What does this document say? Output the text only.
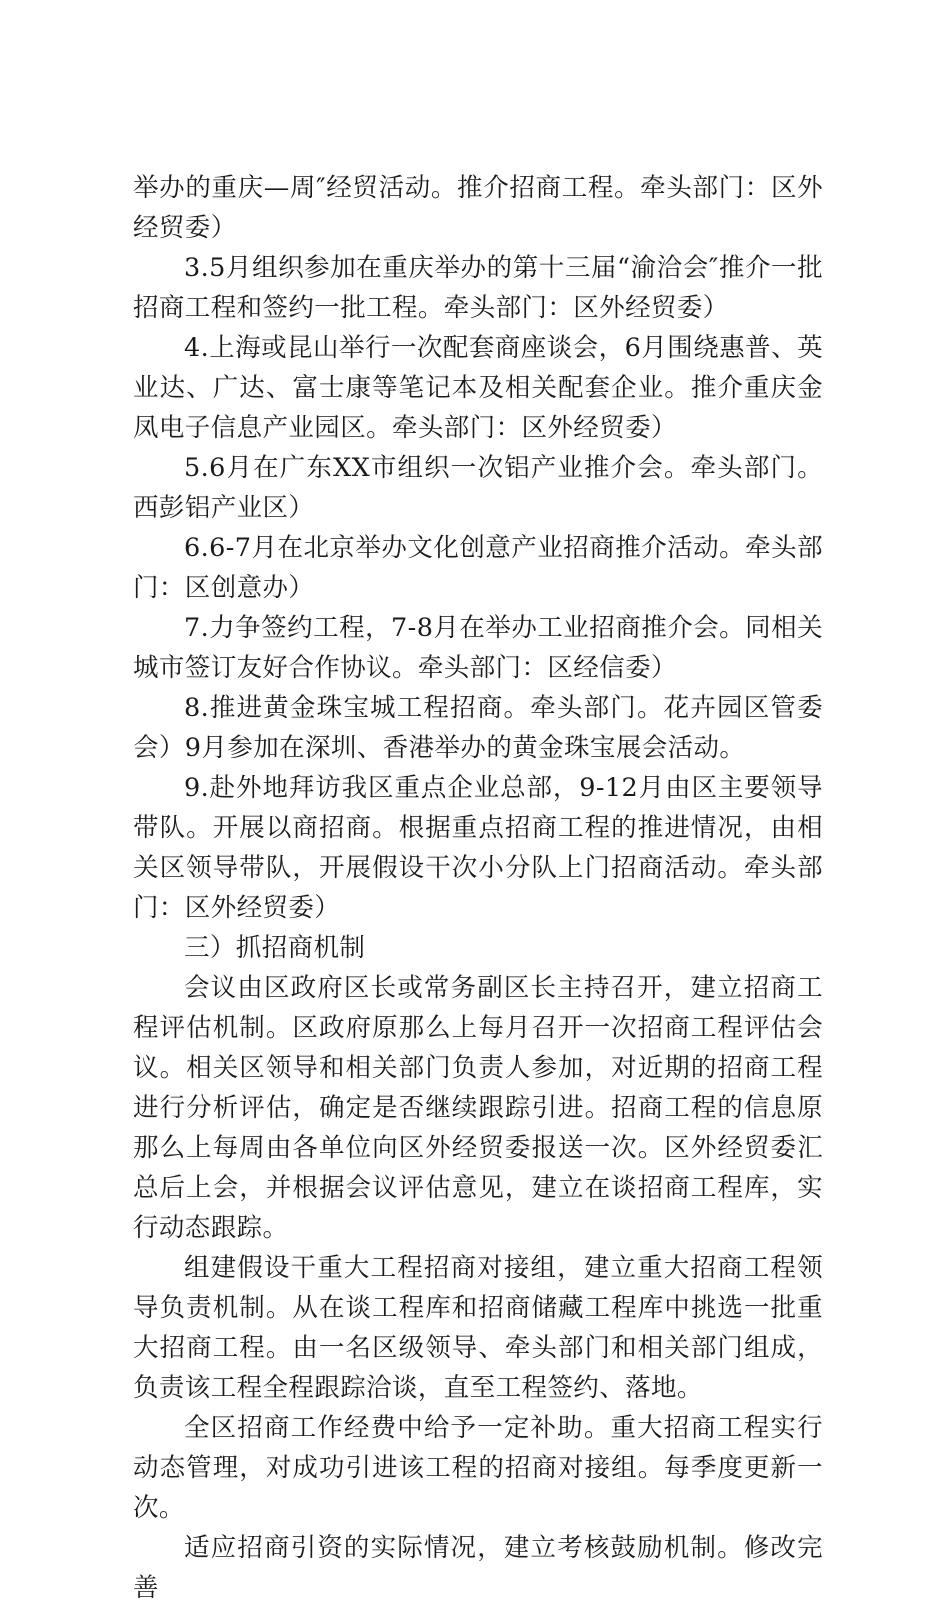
举办的重庆—周″经贸活动。推介招商工程。牵头部门：区外经贸委）

3.5月组织参加在重庆举办的第十三届“渝洽会″推介一批招商工程和签约一批工程。牵头部门：区外经贸委）

4.上海或昆山举行一次配套商座谈会，6月围绕惠普、英业达、广达、富士康等笔记本及相关配套企业。推介重庆金凤电子信息产业园区。牵头部门：区外经贸委）

5.6月在广东XX市组织一次铝产业推介会。牵头部门。西彭铝产业区）

6.6-7月在北京举办文化创意产业招商推介活动。牵头部门：区创意办）

7.力争签约工程，7-8月在举办工业招商推介会。同相关城市签订友好合作协议。牵头部门：区经信委）

8.推进黄金珠宝城工程招商。牵头部门。花卉园区管委会）9月参加在深圳、香港举办的黄金珠宝展会活动。

9.赴外地拜访我区重点企业总部，9-12月由区主要领导带队。开展以商招商。根据重点招商工程的推进情况，由相关区领导带队，开展假设干次小分队上门招商活动。牵头部门：区外经贸委）

三）抓招商机制

会议由区政府区长或常务副区长主持召开，建立招商工程评估机制。区政府原那么上每月召开一次招商工程评估会议。相关区领导和相关部门负责人参加，对近期的招商工程进行分析评估，确定是否继续跟踪引进。招商工程的信息原那么上每周由各单位向区外经贸委报送一次。区外经贸委汇总后上会，并根据会议评估意见，建立在谈招商工程库，实行动态跟踪。

组建假设干重大工程招商对接组，建立重大招商工程领导负责机制。从在谈工程库和招商储藏工程库中挑选一批重大招商工程。由一名区级领导、牵头部门和相关部门组成，负责该工程全程跟踪洽谈，直至工程签约、落地。

全区招商工作经费中给予一定补助。重大招商工程实行动态管理，对成功引进该工程的招商对接组。每季度更新一次。

适应招商引资的实际情况，建立考核鼓励机制。修改完善
